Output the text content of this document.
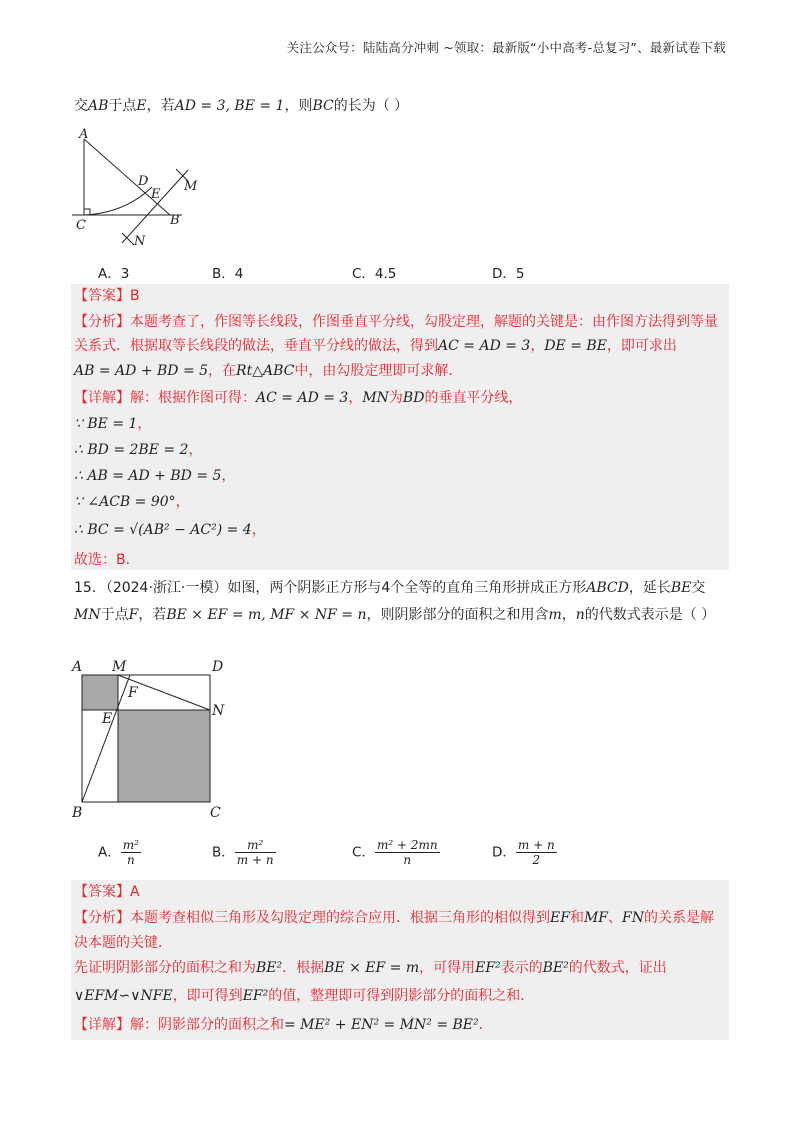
关注公众号：陆陆高分冲刺 ~领取：最新版“小中高考-总复习”、最新试卷下载
交AB于点E，若AD = 3, BE = 1，则BC的长为（ ）
A
C	B
D
E
M
N
A．3	B．4	C．4.5	D．5
【答案】B
【分析】本题考查了，作图等长线段，作图垂直平分线，勾股定理，解题的关键是：由作图方法得到等量
关系式．根据取等长线段的做法，垂直平分线的做法，得到AC = AD = 3，DE = BE，即可求出
AB = AD + BD = 5，在Rt△ABC中，由勾股定理即可求解．
【详解】解：根据作图可得：AC = AD = 3，MN为BD的垂直平分线，
∵ BE = 1，
∴ BD = 2BE = 2，
∴ AB = AD + BD = 5，
∵ ∠ACB = 90°，
∴ BC = √(AB² − AC²) = 4，
故选：B．
15．（2024·浙江·一模）如图，两个阴影正方形与4个全等的直角三角形拼成正方形ABCD，延长BE交
MN于点F，若BE × EF = m, MF × NF = n，则阴影部分的面积之和用含m，n的代数式表示是（ ）
A M	D
F
E	N
B	C
A． $\frac{\text{m²}}{n}$	B． $\frac{\text{m²}}{m + n}$	C． $\frac{\text{m² + 2mn}}{n}$	D． $\frac{m + n}{2}$
【答案】A
【分析】本题考查相似三角形及勾股定理的综合应用．根据三角形的相似得到EF和MF、FN的关系是解
决本题的关键．
先证明阴影部分的面积之和为BE²．根据BE × EF = m，可得用EF²表示的BE²的代数式，证出
∨EFM∽∨NFE，即可得到EF²的值，整理即可得到阴影部分的面积之和．
【详解】解：阴影部分的面积之和= ME² + EN² = MN² = BE²．
